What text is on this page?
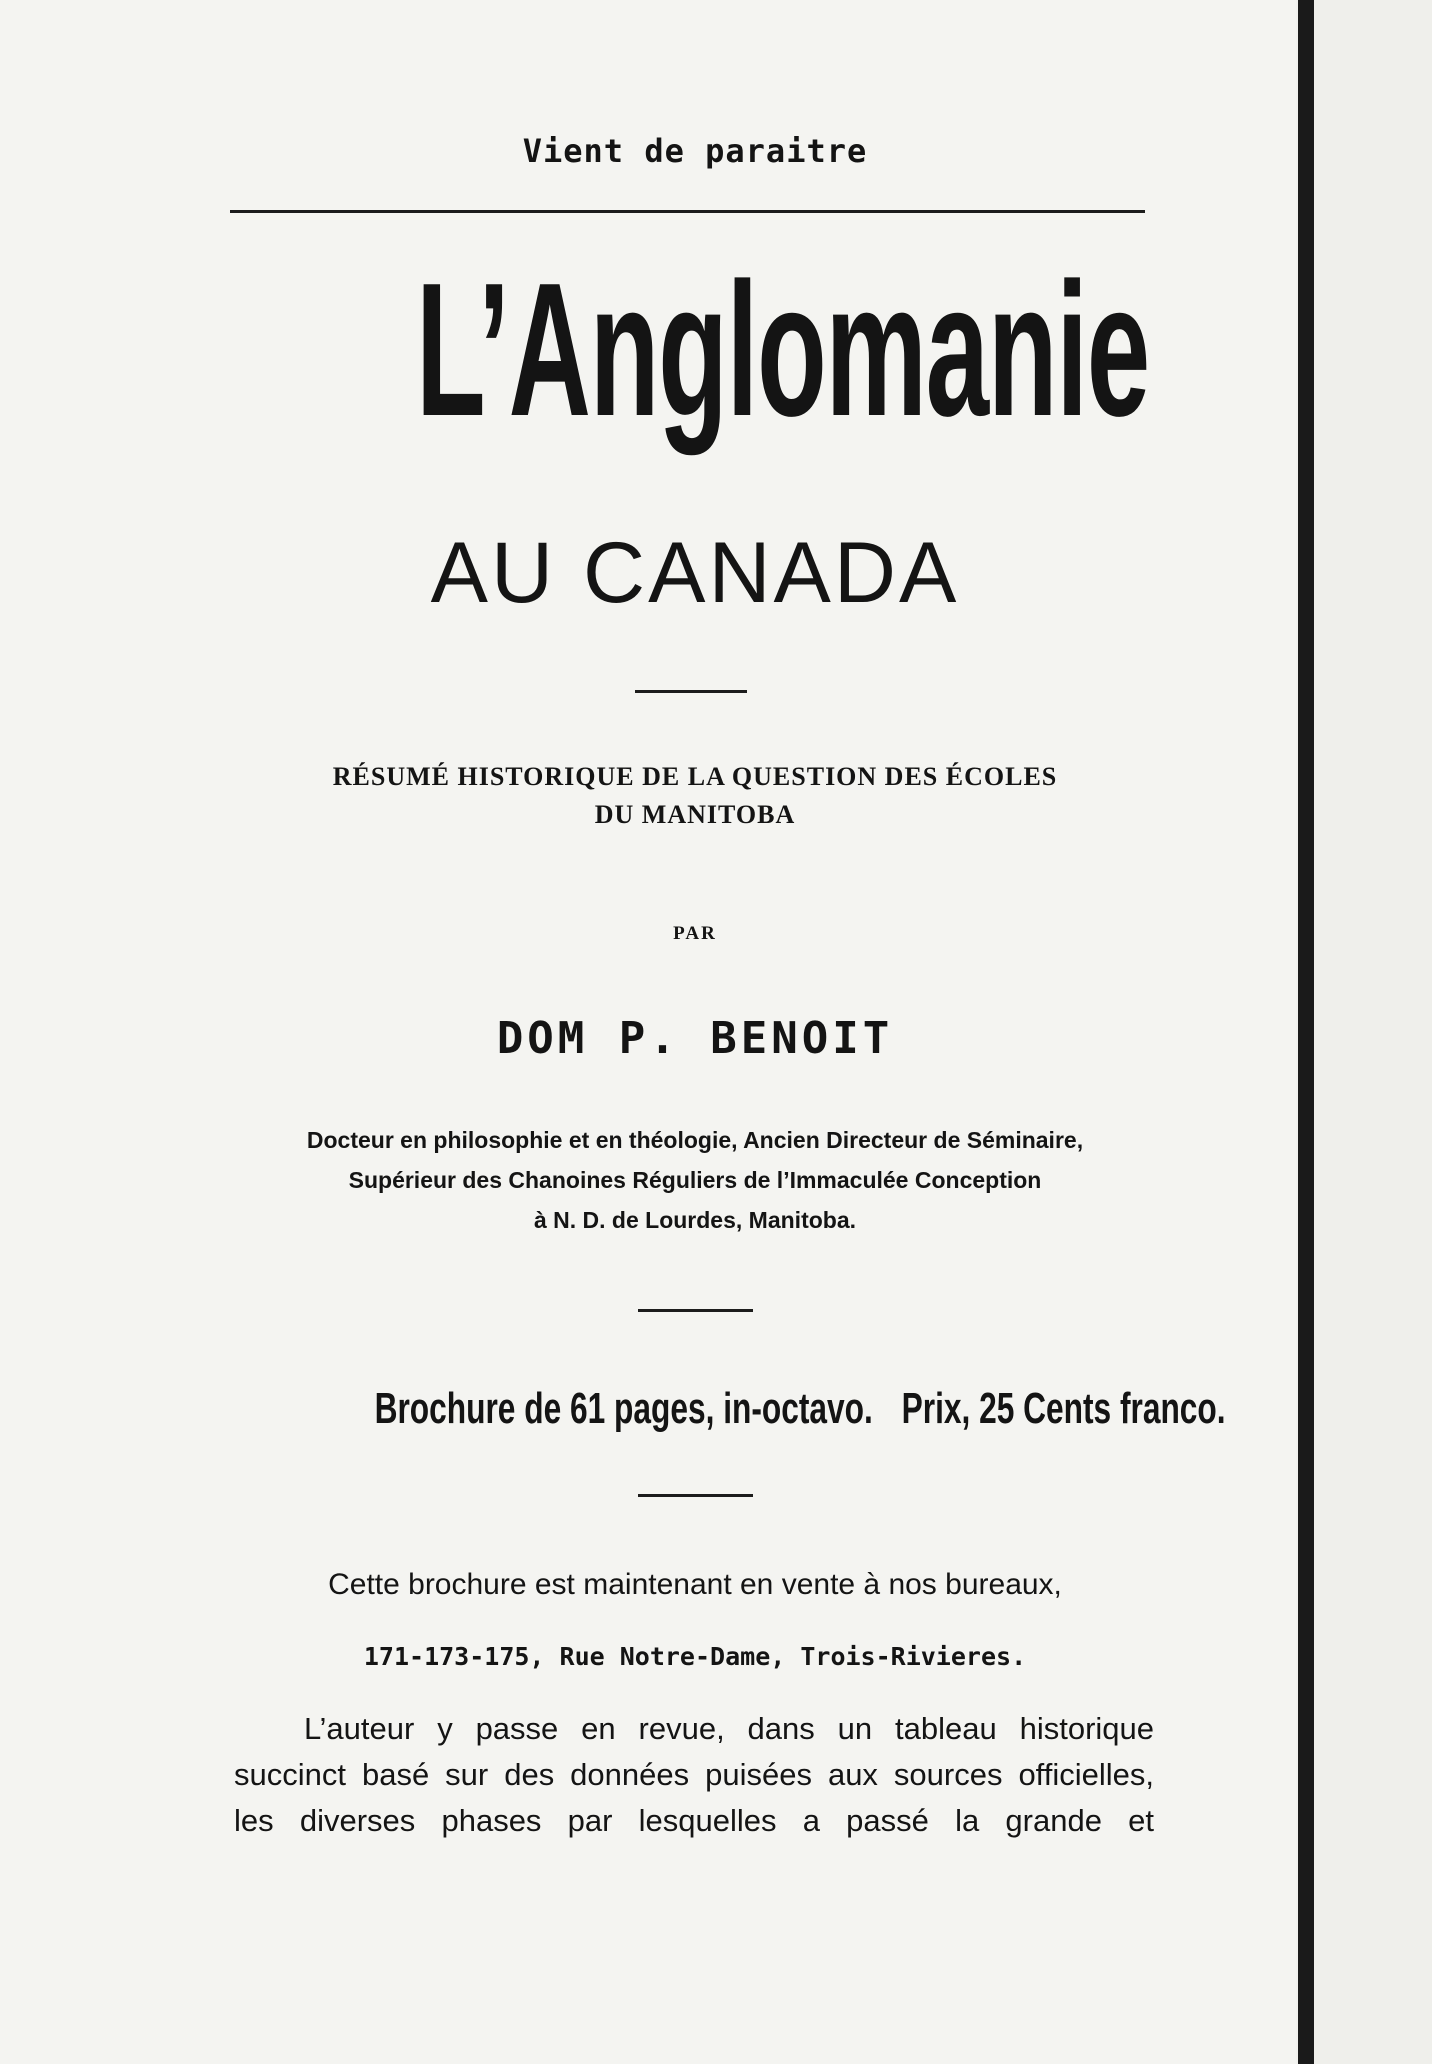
Vient de paraitre
L’Anglomanie
AU CANADA
RÉSUMÉ HISTORIQUE DE LA QUESTION DES ÉCOLES
DU MANITOBA
PAR
DOM P. BENOIT
Docteur en philosophie et en théologie, Ancien Directeur de Séminaire,
Supérieur des Chanoines Réguliers de l’Immaculée Conception
à N. D. de Lourdes, Manitoba.
Brochure de 61 pages, in-octavo. Prix, 25 Cents franco.
Cette brochure est maintenant en vente à nos bureaux,
171-173-175, Rue Notre-Dame, Trois-Rivieres.

L’auteur y passe en revue, dans un tableau historique
succinct basé sur des données puisées aux sources officielles,
les diverses phases par lesquelles a passé la grande et
